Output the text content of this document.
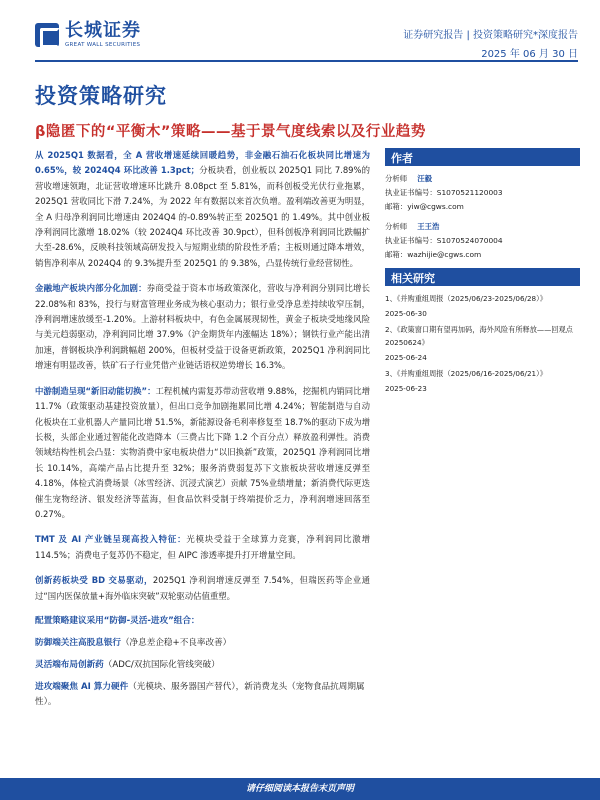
长城证券
GREAT WALL SECURITIES
证券研究报告 | 投资策略研究*深度报告
2025 年 06 月 30 日
投资策略研究
β隐匿下的“平衡木”策略——基于景气度线索以及行业趋势

从 2025Q1 数据看，全 A 营收增速延续回暖趋势，非金融石油石化板块同比增速为 0.65%，较 2024Q4 环比改善 1.3pct；分板块看，创业板以 2025Q1 同比 7.89%的营收增速领跑，北证营收增速环比跳升 8.08pct 至 5.81%，而科创板受光伏行业拖累，2025Q1 营收同比下滑 7.24%，为 2022 年有数据以来首次负增。盈利端改善更为明显，全 A 归母净利润同比增速由 2024Q4 的-0.89%转正至 2025Q1 的 1.49%。其中创业板净利润同比激增 18.02%（较 2024Q4 环比改善 30.9pct），但科创板净利润同比跌幅扩大至-28.6%，反映科技领域高研发投入与短期业绩的阶段性矛盾；主板则通过降本增效，销售净利率从 2024Q4 的 9.3%提升至 2025Q1 的 9.38%，凸显传统行业经营韧性。

金融地产板块内部分化加剧：券商受益于资本市场政策深化，营收与净利润分别同比增长 22.08%和 83%，投行与财富管理业务成为核心驱动力；银行业受净息差持续收窄压制，净利润增速放缓至-1.20%。上游材料板块中，有色金属展现韧性，黄金子板块受地缘风险与美元趋弱驱动，净利润同比增 37.9%（沪金期货年内涨幅达 18%）；钢铁行业产能出清加速，普钢板块净利润跳幅超 200%，但板材受益于设备更新政策，2025Q1 净利润同比增速有明显改善，铁矿石子行业凭借产业链话语权逆势增长 16.3%。

中游制造呈现“新旧动能切换”：工程机械内需复苏带动营收增 9.88%，挖掘机内销同比增 11.7%（政策驱动基建投资放量），但出口竞争加剧拖累同比增 4.24%；智能制造与自动化板块在工业机器人产量同比增 51.5%，新能源设备毛利率修复至 18.7%的驱动下成为增长极，头部企业通过智能化改造降本（三费占比下降 1.2 个百分点）释放盈利弹性。消费领域结构性机会凸显：实物消费中家电板块借力“以旧换新”政策，2025Q1 净利润同比增长 10.14%，高端产品占比提升至 32%；服务消费弱复苏下文旅板块营收增速反弹至 4.18%，体检式消费场景（冰雪经济、沉浸式演艺）贡献 75%业绩增量；新消费代际更迭催生宠物经济、银发经济等蓝海，但食品饮料受制于终端提价乏力，净利润增速回落至 0.27%。

TMT 及 AI 产业链呈现高投入特征：光模块受益于全球算力竞赛，净利润同比激增 114.5%；消费电子复苏仍不稳定，但 AIPC 渗透率提升打开增量空间。

创新药板块受 BD 交易驱动，2025Q1 净利润增速反弹至 7.54%，但瑞医药等企业通过“国内医保放量+海外临床突破”双轮驱动估值重塑。

配置策略建议采用“防御-灵活-进攻”组合：
防御端关注高股息银行（净息差企稳+不良率改善）
灵活端布局创新药（ADC/双抗国际化管线突破）
进攻端聚焦 AI 算力硬件（光模块、服务器国产替代），新消费龙头（宠物食品抗周期属性）。
作者
分析师 汪毅
执业证书编号：S1070521120003
邮箱：yiw@cgws.com
分析师 王王浩
执业证书编号：S1070524070004
邮箱：wazhijie@cgws.com
相关研究
1、《并购重组周报（2025/06/23-2025/06/28）》
2025-06-30
2、《政策窗口期有望再加码，海外风险有所释放——回观点 20250624》
2025-06-24
3、《并购重组周报（2025/06/16-2025/06/21）》
2025-06-23
请仔细阅读本报告末页声明
